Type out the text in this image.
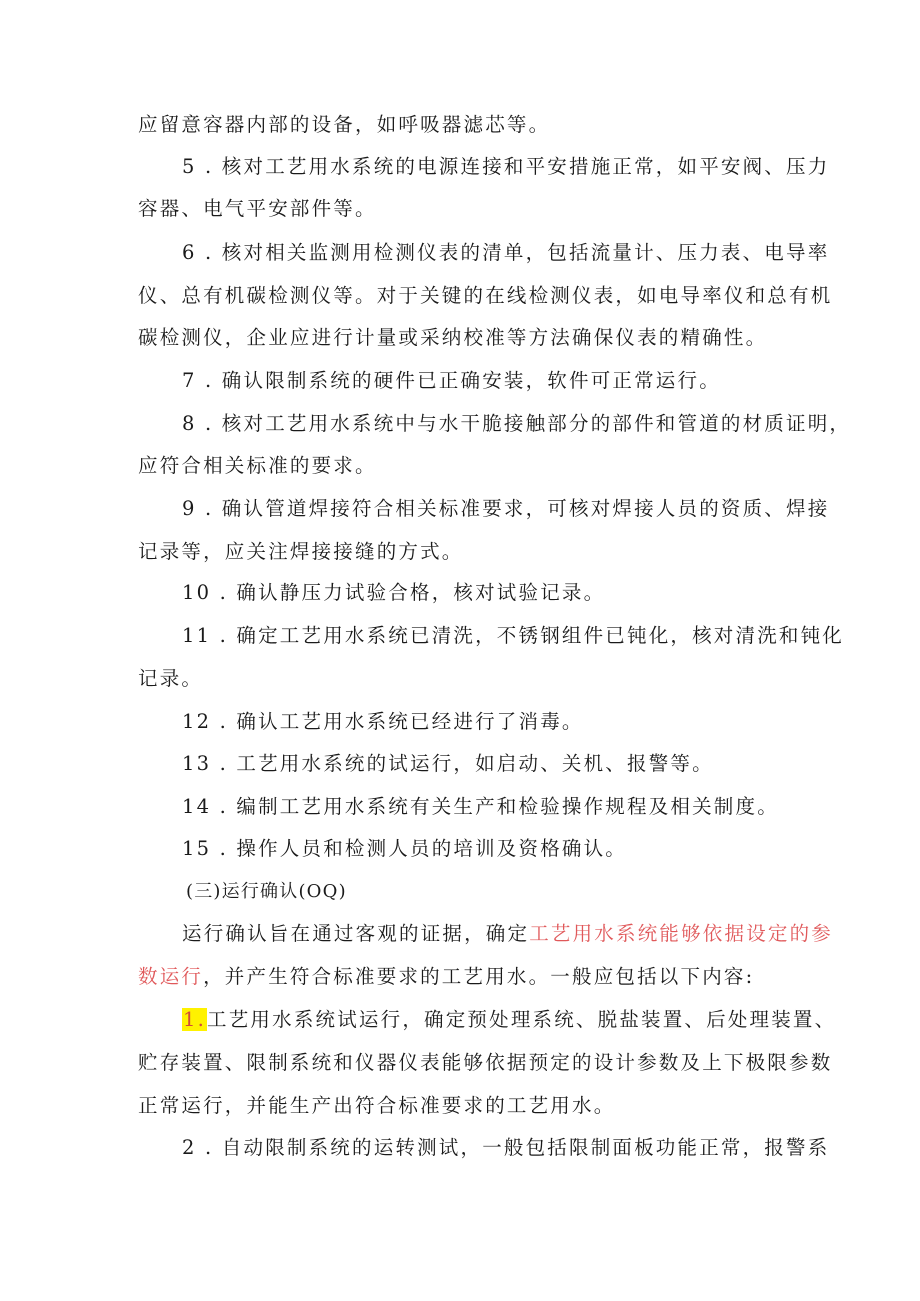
应留意容器内部的设备，如呼吸器滤芯等。
5 . 核对工艺用水系统的电源连接和平安措施正常，如平安阀、压力
容器、电气平安部件等。
6 . 核对相关监测用检测仪表的清单，包括流量计、压力表、电导率
仪、总有机碳检测仪等。对于关键的在线检测仪表，如电导率仪和总有机
碳检测仪，企业应进行计量或采纳校准等方法确保仪表的精确性。
7 . 确认限制系统的硬件已正确安装，软件可正常运行。
8 . 核对工艺用水系统中与水干脆接触部分的部件和管道的材质证明，
应符合相关标准的要求。
9 . 确认管道焊接符合相关标准要求，可核对焊接人员的资质、焊接
记录等，应关注焊接接缝的方式。
10 . 确认静压力试验合格，核对试验记录。
11 . 确定工艺用水系统已清洗，不锈钢组件已钝化，核对清洗和钝化
记录。
12 . 确认工艺用水系统已经进行了消毒。
13 . 工艺用水系统的试运行，如启动、关机、报警等。
14 . 编制工艺用水系统有关生产和检验操作规程及相关制度。
15 . 操作人员和检测人员的培训及资格确认。
(三)运行确认(OQ)
运行确认旨在通过客观的证据，确定工艺用水系统能够依据设定的参
数运行，并产生符合标准要求的工艺用水。一般应包括以下内容:
1.工艺用水系统试运行，确定预处理系统、脱盐装置、后处理装置、
贮存装置、限制系统和仪器仪表能够依据预定的设计参数及上下极限参数
正常运行，并能生产出符合标准要求的工艺用水。
2 . 自动限制系统的运转测试，一般包括限制面板功能正常，报警系
